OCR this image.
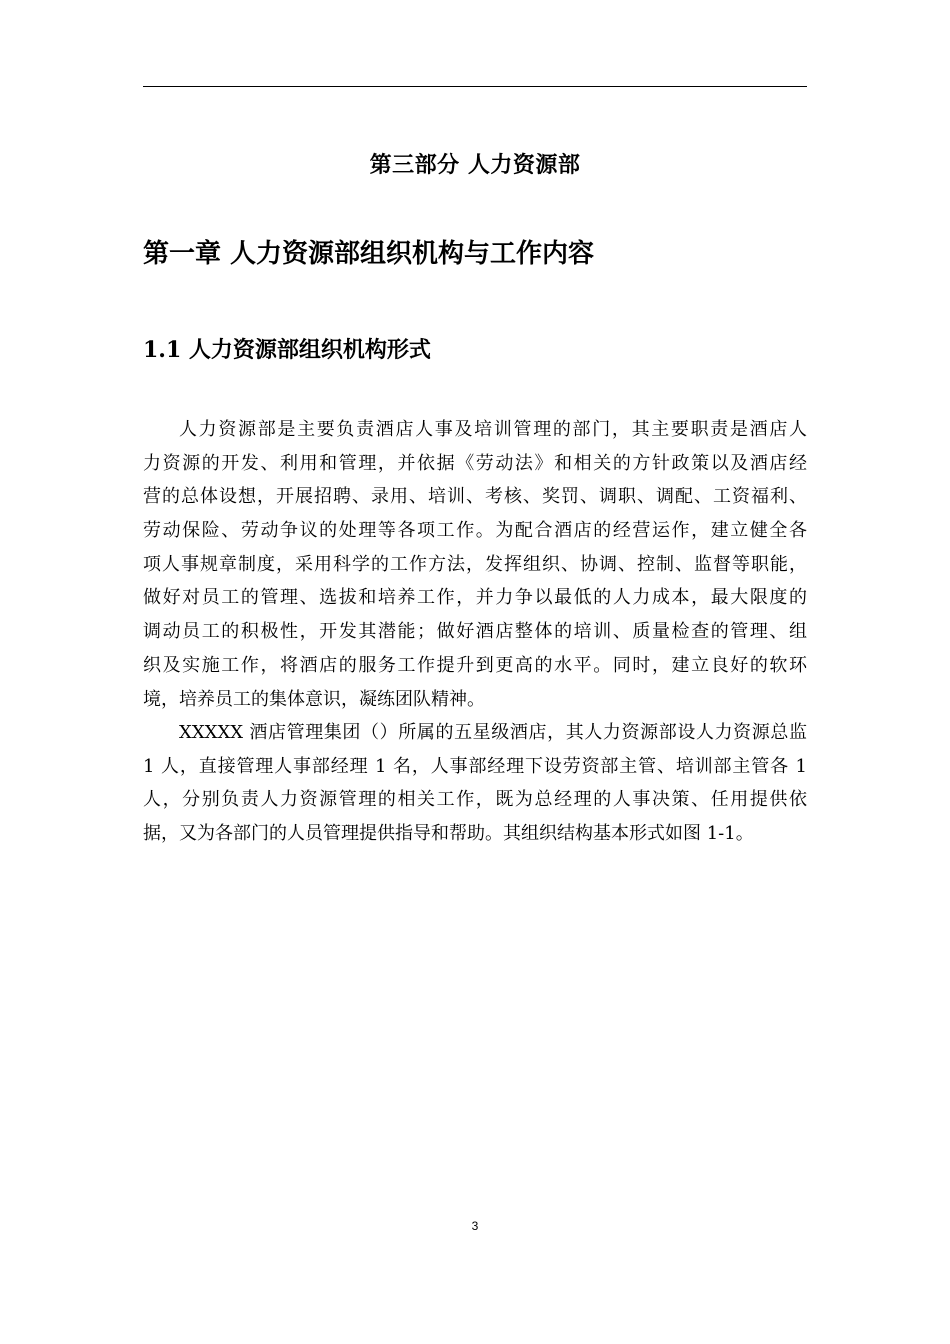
第三部分 人力资源部
第一章 人力资源部组织机构与工作内容
1.1 人力资源部组织机构形式
人力资源部是主要负责酒店人事及培训管理的部门，其主要职责是酒店人
力资源的开发、利用和管理，并依据《劳动法》和相关的方针政策以及酒店经
营的总体设想，开展招聘、录用、培训、考核、奖罚、调职、调配、工资福利、
劳动保险、劳动争议的处理等各项工作。为配合酒店的经营运作，建立健全各
项人事规章制度，采用科学的工作方法，发挥组织、协调、控制、监督等职能，
做好对员工的管理、选拔和培养工作，并力争以最低的人力成本，最大限度的
调动员工的积极性，开发其潜能；做好酒店整体的培训、质量检查的管理、组
织及实施工作，将酒店的服务工作提升到更高的水平。同时，建立良好的软环
境，培养员工的集体意识，凝练团队精神。
XXXXX 酒店管理集团（）所属的五星级酒店，其人力资源部设人力资源总监
1 人，直接管理人事部经理 1 名，人事部经理下设劳资部主管、培训部主管各 1
人，分别负责人力资源管理的相关工作，既为总经理的人事决策、任用提供依
据，又为各部门的人员管理提供指导和帮助。其组织结构基本形式如图 1-1。
3
